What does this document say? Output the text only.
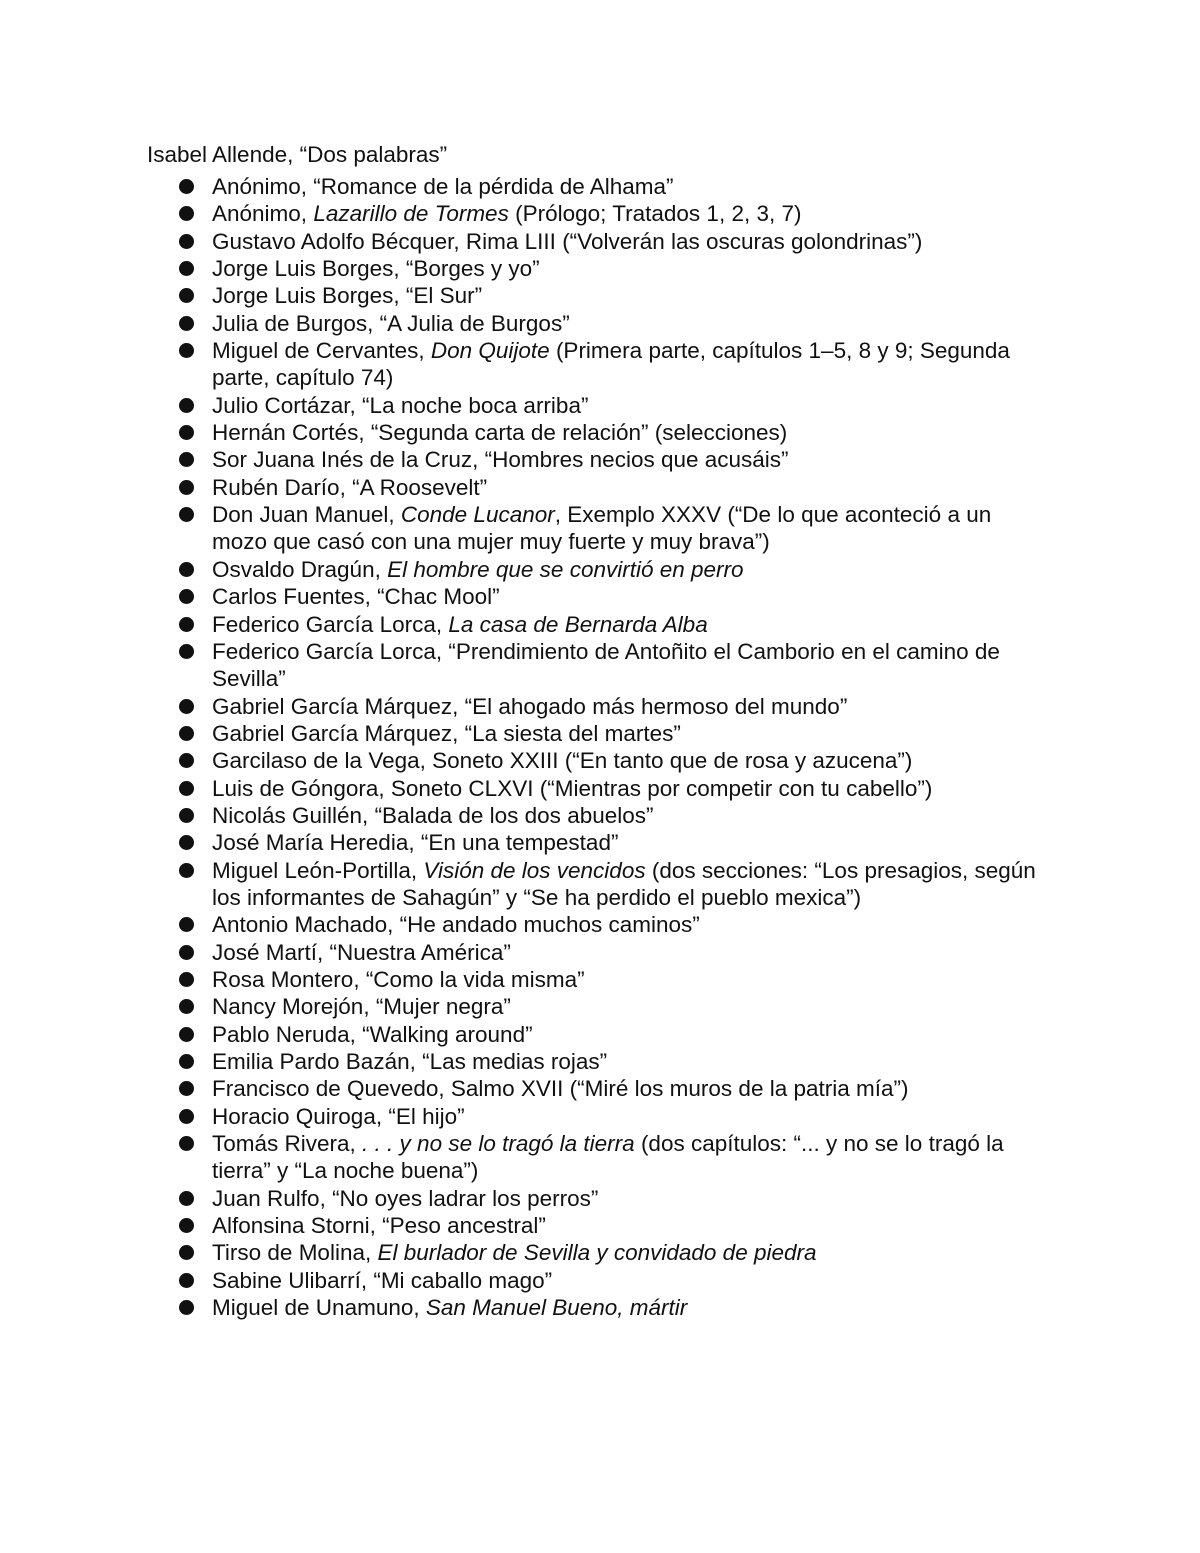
Isabel Allende, “Dos palabras”
Anónimo, “Romance de la pérdida de Alhama”
Anónimo, Lazarillo de Tormes (Prólogo; Tratados 1, 2, 3, 7)
Gustavo Adolfo Bécquer, Rima LIII (“Volverán las oscuras golondrinas”)
Jorge Luis Borges, “Borges y yo”
Jorge Luis Borges, “El Sur”
Julia de Burgos, “A Julia de Burgos”
Miguel de Cervantes, Don Quijote (Primera parte, capítulos 1–5, 8 y 9; Segunda parte, capítulo 74)
Julio Cortázar, “La noche boca arriba”
Hernán Cortés, “Segunda carta de relación” (selecciones)
Sor Juana Inés de la Cruz, “Hombres necios que acusáis”
Rubén Darío, “A Roosevelt”
Don Juan Manuel, Conde Lucanor, Exemplo XXXV (“De lo que aconteció a un mozo que casó con una mujer muy fuerte y muy brava”)
Osvaldo Dragún, El hombre que se convirtió en perro
Carlos Fuentes, “Chac Mool”
Federico García Lorca, La casa de Bernarda Alba
Federico García Lorca, “Prendimiento de Antoñito el Camborio en el camino de Sevilla”
Gabriel García Márquez, “El ahogado más hermoso del mundo”
Gabriel García Márquez, “La siesta del martes”
Garcilaso de la Vega, Soneto XXIII (“En tanto que de rosa y azucena”)
Luis de Góngora, Soneto CLXVI (“Mientras por competir con tu cabello”)
Nicolás Guillén, “Balada de los dos abuelos”
José María Heredia, “En una tempestad”
Miguel León-Portilla, Visión de los vencidos (dos secciones: “Los presagios, según los informantes de Sahagún” y “Se ha perdido el pueblo mexica”)
Antonio Machado, “He andado muchos caminos”
José Martí, “Nuestra América”
Rosa Montero, “Como la vida misma”
Nancy Morejón, “Mujer negra”
Pablo Neruda, “Walking around”
Emilia Pardo Bazán, “Las medias rojas”
Francisco de Quevedo, Salmo XVII (“Miré los muros de la patria mía”)
Horacio Quiroga, “El hijo”
Tomás Rivera, . . . y no se lo tragó la tierra (dos capítulos: “... y no se lo tragó la tierra” y “La noche buena”)
Juan Rulfo, “No oyes ladrar los perros”
Alfonsina Storni, “Peso ancestral”
Tirso de Molina, El burlador de Sevilla y convidado de piedra
Sabine Ulibarrí, “Mi caballo mago”
Miguel de Unamuno, San Manuel Bueno, mártir
